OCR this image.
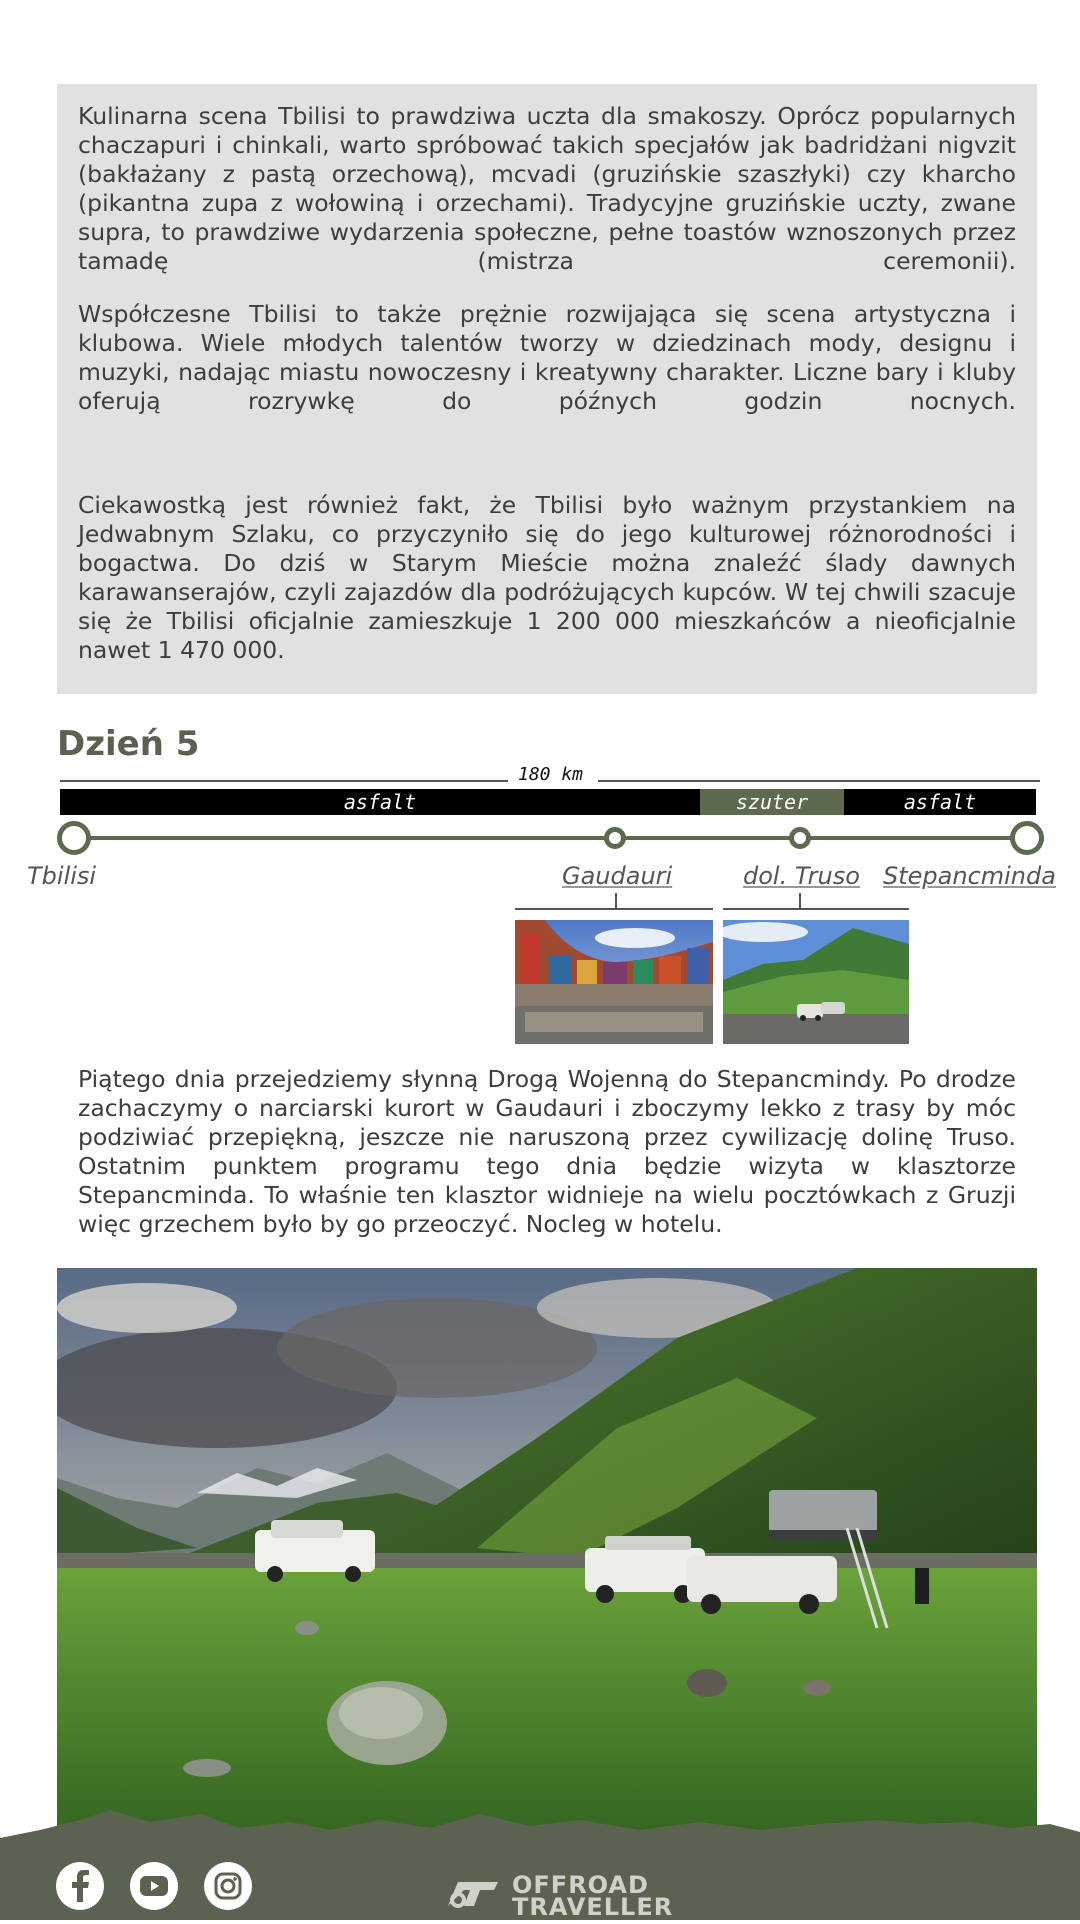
Kulinarna scena Tbilisi to prawdziwa uczta dla smakoszy. Oprócz popularnych chaczapuri i chinkali, warto spróbować takich specjałów jak badridżani nigvzit (bakłażany z pastą orzechową), mcvadi (gruzińskie szaszłyki) czy kharcho (pikantna zupa z wołowiną i orzechami). Tradycyjne gruzińskie uczty, zwane supra, to prawdziwe wydarzenia społeczne, pełne toastów wznoszonych przez tamadę (mistrza ceremonii).

Współczesne Tbilisi to także prężnie rozwijająca się scena artystyczna i klubowa. Wiele młodych talentów tworzy w dziedzinach mody, designu i muzyki, nadając miastu nowoczesny i kreatywny charakter. Liczne bary i kluby oferują rozrywkę do późnych godzin nocnych.

Ciekawostką jest również fakt, że Tbilisi było ważnym przystankiem na Jedwabnym Szlaku, co przyczyniło się do jego kulturowej różnorodności i bogactwa. Do dziś w Starym Mieście można znaleźć ślady dawnych karawanserajów, czyli zajazdów dla podróżujących kupców. W tej chwili szacuje się że Tbilisi oficjalnie zamieszkuje 1 200 000 mieszkańców a nieoficjalnie nawet 1 470 000.

Dzień 5
180 km
asfalt	szuter	asfalt
Tbilisi	Gaudauri	dol. Truso Stepancminda

Piątego dnia przejedziemy słynną Drogą Wojenną do Stepancmindy. Po drodze zachaczymy o narciarski kurort w Gaudauri i zboczymy lekko z trasy by móc podziwiać przepiękną, jeszcze nie naruszoną przez cywilizację dolinę Truso. Ostatnim punktem programu tego dnia będzie wizyta w klasztorze Stepancminda. To właśnie ten klasztor widnieje na wielu pocztówkach z Gruzji więc grzechem było by go przeoczyć. Nocleg w hotelu.

OFFROAD
TRAVELLER
